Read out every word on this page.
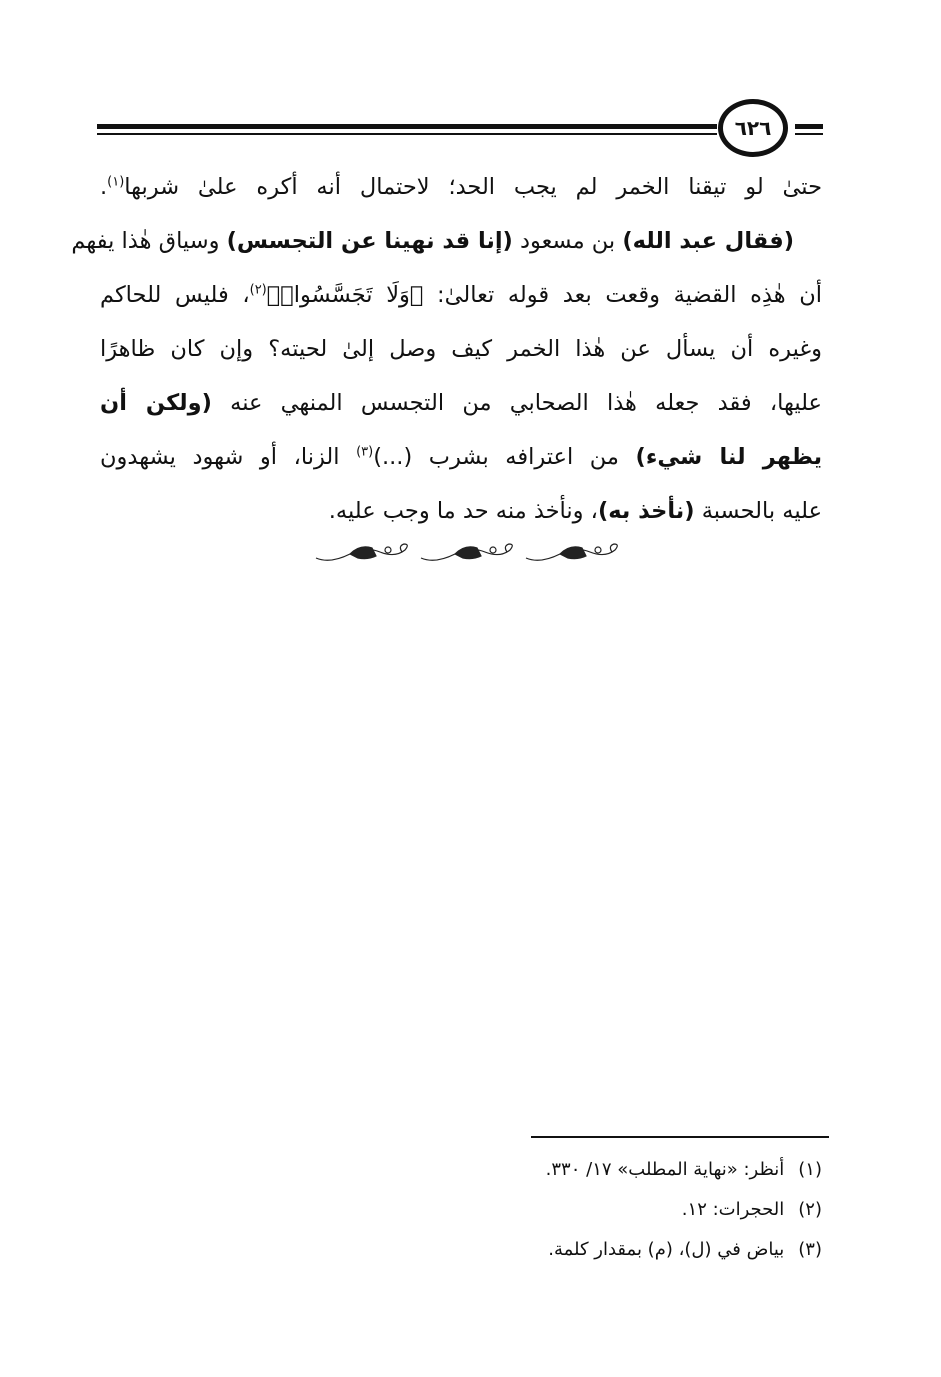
٦٢٦
حتىٰ لو تيقنا الخمر لم يجب الحد؛ لاحتمال أنه أكره علىٰ شربها$^{(١)}$.
(فقال عبد الله) بن مسعود (إنا قد نهينا عن التجسس) وسياق هٰذا يفهم
أن هٰذِه القضية وقعت بعد قوله تعالىٰ: ﴿وَلَا تَجَسَّسُوا۟﴾$^{(٢)}$، فليس للحاكم
وغيره أن يسأل عن هٰذا الخمر كيف وصل إلىٰ لحيته؟ وإن كان ظاهرًا
عليها، فقد جعله هٰذا الصحابي من التجسس المنهي عنه (ولكن أن
يظهر لنا شيء) من اعترافه بشرب (...)$^{(٣)}$ الزنا، أو شهود يشهدون
عليه بالحسبة (نأخذ به)، ونأخذ منه حد ما وجب عليه.
(١)أنظر: «نهاية المطلب» ١٧/ ٣٣٠.
(٢)الحجرات: ١٢.
(٣)بياض في (ل)، (م) بمقدار كلمة.
